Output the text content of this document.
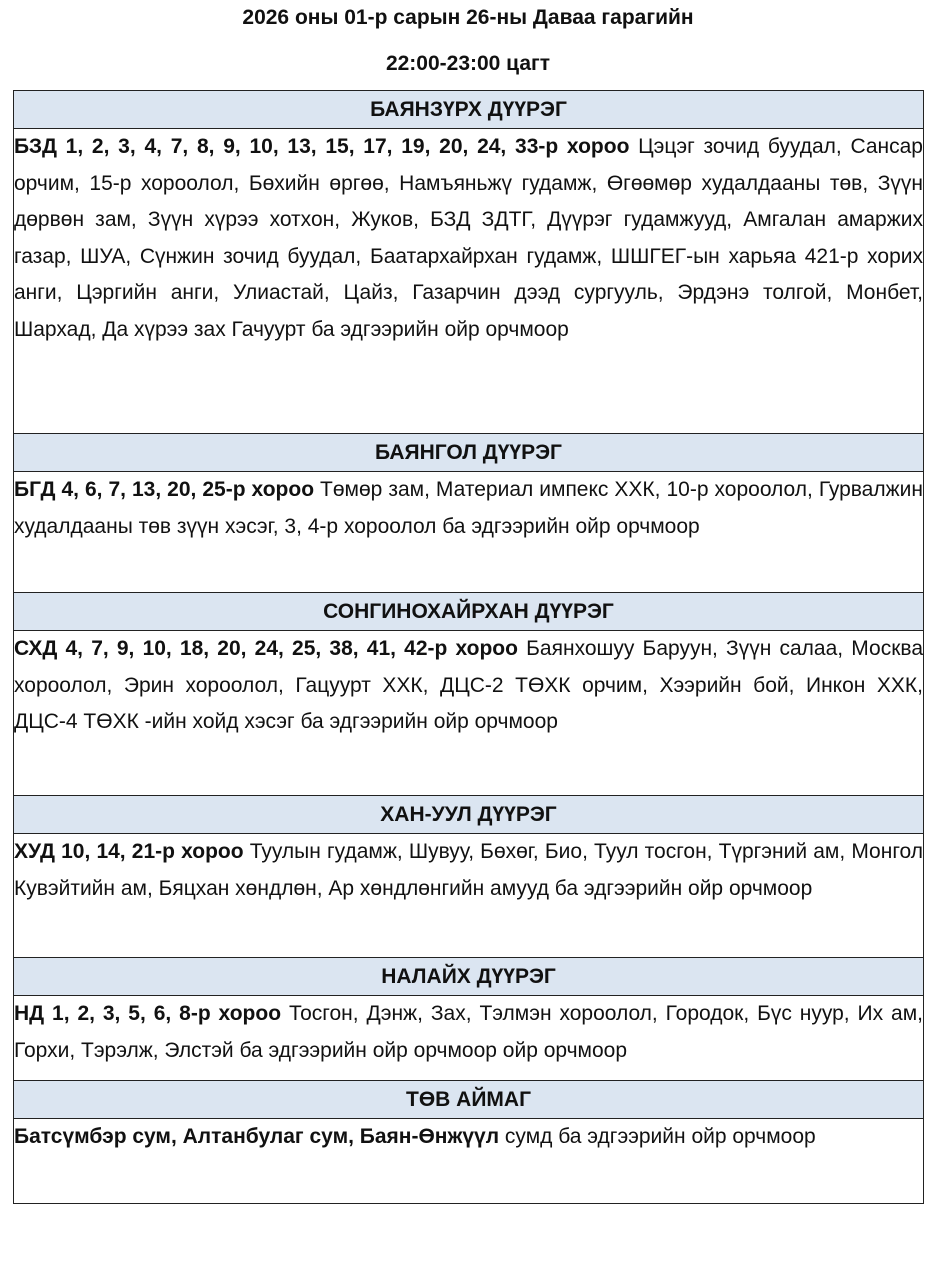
2026 оны 01-р сарын 26-ны Даваа гарагийн
22:00-23:00 цагт
БАЯНЗҮРХ ДҮҮРЭГ
БЗД 1, 2, 3, 4, 7, 8, 9, 10, 13, 15, 17, 19, 20, 24, 33-р хороо Цэцэг зочид буудал, Сансар орчим, 15-р хороолол, Бөхийн өргөө, Намъяньжү гудамж, Өгөөмөр худалдааны төв, Зүүн дөрвөн зам, Зүүн хүрээ хотхон, Жуков, БЗД ЗДТГ, Дүүрэг гудамжууд, Амгалан амаржих газар, ШУА, Сүнжин зочид буудал, Баатархайрхан гудамж, ШШГЕГ-ын харьяа 421-р хорих анги, Цэргийн анги, Улиастай, Цайз, Газарчин дээд сургууль, Эрдэнэ толгой, Монбет, Шархад, Да хүрээ зах Гачуурт ба эдгээрийн ойр орчмоор
БАЯНГОЛ ДҮҮРЭГ
БГД 4, 6, 7, 13, 20, 25-р хороо Төмөр зам, Материал импекс ХХК, 10-р хороолол, Гурвалжин худалдааны төв зүүн хэсэг, 3, 4-р хороолол ба эдгээрийн ойр орчмоор
СОНГИНОХАЙРХАН ДҮҮРЭГ
СХД 4, 7, 9, 10, 18, 20, 24, 25, 38, 41, 42-р хороо Баянхошуу Баруун, Зүүн салаа, Москва хороолол, Эрин хороолол, Гацуурт ХХК, ДЦС-2 ТӨХК орчим, Хээрийн бой, Инкон ХХК, ДЦС-4 ТӨХК -ийн хойд хэсэг ба эдгээрийн ойр орчмоор
ХАН-УУЛ ДҮҮРЭГ
ХУД 10, 14, 21-р хороо Туулын гудамж, Шувуу, Бөхөг, Био, Туул тосгон, Түргэний ам, Монгол Кувэйтийн ам, Бяцхан хөндлөн, Ар хөндлөнгийн амууд ба эдгээрийн ойр орчмоор
НАЛАЙХ ДҮҮРЭГ
НД 1, 2, 3, 5, 6, 8-р хороо Тосгон, Дэнж, Зах, Тэлмэн хороолол, Городок, Бүс нуур, Их ам, Горхи, Тэрэлж, Элстэй ба эдгээрийн ойр орчмоор ойр орчмоор
ТӨВ АЙМАГ
Батсүмбэр сум, Алтанбулаг сум, Баян-Өнжүүл сумд ба эдгээрийн ойр орчмоор
